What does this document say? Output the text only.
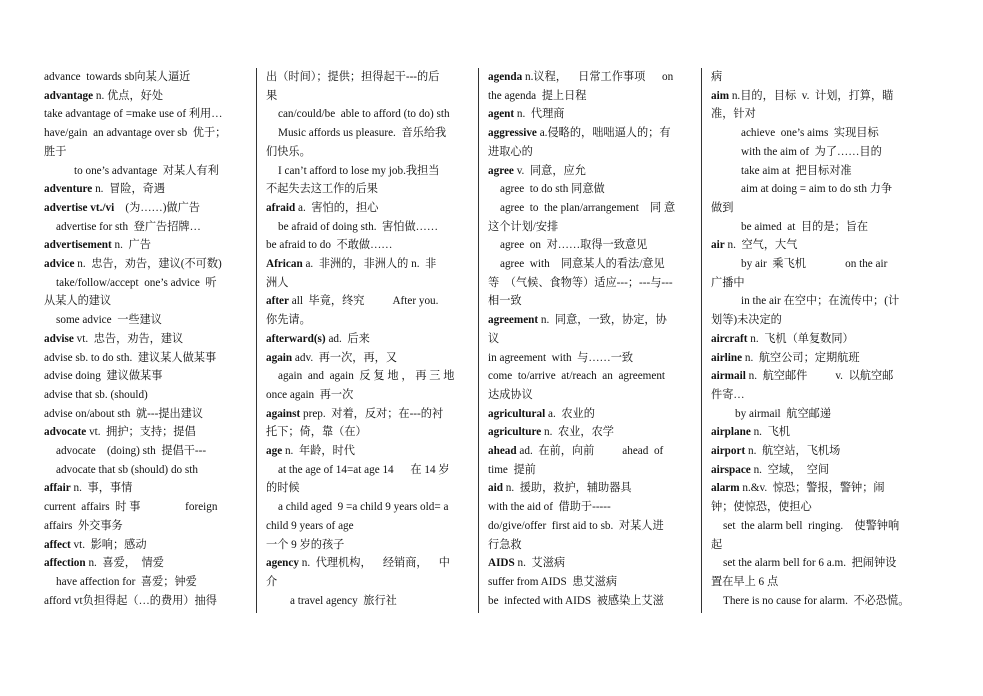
advance  towards sb向某人逼近
advantage n. 优点，好处
take advantage of =make use of 利用…
have/gain  an advantage over sb  优于；
胜于
to one’s advantage  对某人有利
adventure n.  冒险，奇遇
advertise vt./vi    (为……)做广告
advertise for sth  登广告招牌…
advertisement n.  广告
advice n.  忠告，劝告，建议(不可数)
take/follow/accept  one’s advice  听
从某人的建议
some advice  一些建议
advise vt.  忠告，劝告，建议
advise sb. to do sth.  建议某人做某事
advise doing  建议做某事
advise that sb. (should)
advise on/about sth  就---提出建议
advocate vt.  拥护；支持；提倡
advocate    (doing) sth  提倡干---
advocate that sb (should) do sth
affair n.  事，事情
current  affairs  时 事                foreign
affairs  外交事务
affect vt.  影响；感动
affection n.  喜爱，  情爱
have affection for  喜爱；钟爱
afford vt负担得起（…的费用）抽得
出（时间）；提供；担得起干---的后
果
can/could/be  able to afford (to do) sth
Music affords us pleasure.  音乐给我
们快乐。
I can’t afford to lose my job.我担当
不起失去这工作的后果
afraid a.  害怕的，担心
be afraid of doing sth.  害怕做……
be afraid to do  不敢做……
African a.  非洲的，非洲人的 n.  非
洲人
after all  毕竟，终究          After you.
你先请。
afterward(s) ad.  后来
again adv.  再一次，再，又
again  and  again  反 复 地 ， 再 三 地
once again  再一次
against prep.  对着，反对；在---的衬
托下；倚，靠（在）
age n.  年龄，时代
at the age of 14=at age 14      在 14 岁
的时候
a child aged  9 =a child 9 years old= a
child 9 years of age
一个 9 岁的孩子
agency n.  代理机构，    经销商，    中
介
a travel agency  旅行社
agenda n.议程，    日常工作事项      on
the agenda  提上日程
agent n.  代理商
aggressive a.侵略的，咄咄逼人的；有
进取心的
agree v.  同意，应允
agree  to do sth 同意做
agree  to  the plan/arrangement    同 意
这个计划/安排
agree  on  对……取得一致意见
agree  with    同意某人的看法/意见
等  （气候、食物等）适应---；---与---
相一致
agreement n.  同意，一致，协定，协
议
in agreement  with  与……一致
come  to/arrive  at/reach  an  agreement
达成协议
agricultural a.  农业的
agriculture n.  农业，农学
ahead ad.  在前，向前          ahead  of
time  提前
aid n.  援助，救护，辅助器具
with the aid of  借助于-----
do/give/offer  first aid to sb.  对某人进
行急救
AIDS n.  艾滋病
suffer from AIDS  患艾滋病
be  infected with AIDS  被感染上艾滋
病
aim n.目的，目标  v.  计划，打算，瞄
准，针对
achieve  one’s aims  实现目标
with the aim of  为了……目的
take aim at  把目标对准
aim at doing = aim to do sth 力争
做到
be aimed  at  目的是；旨在
air n.  空气，大气
by air  乘飞机              on the air
广播中
in the air 在空中；在流传中；(计
划等)未决定的
aircraft n.  飞机（单复数同）
airline n.  航空公司；定期航班
airmail n.  航空邮件          v.  以航空邮
件寄…
by airmail  航空邮递
airplane n.  飞机
airport n.  航空站，飞机场
airspace n.  空域，  空间
alarm n.&v.  惊恐；警报，警钟；闹
钟；使惊恐，使担心
set  the alarm bell  ringing.    使警钟响
起
set the alarm bell for 6 a.m.  把闹钟设
置在早上 6 点
There is no cause for alarm.  不必恐慌。
